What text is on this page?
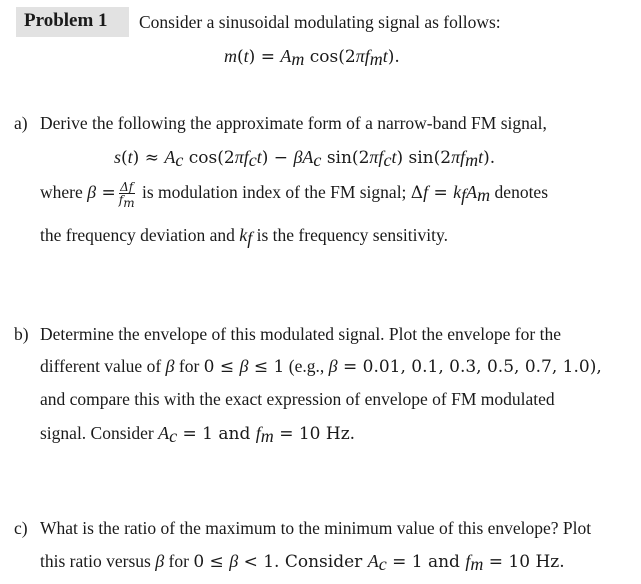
Problem 1 Consider a sinusoidal modulating signal as follows:
$m(t) = A_m$ $\cos(2\pi f_mt)$.
a) Derive the following the approximate form of a narrow-band FM signal,
$s(t) \approx A_c$ $\cos(2\pi f_ct) - \beta A_c$ $\sin(2\pi f_ct)$ $\sin(2\pi f_mt)$.
where $\beta = \frac{\Delta f}{f_m}$ is modulation index of the FM signal; $\Delta f = k_fA_m$ denotes
the frequency deviation and $k_f$ is the frequency sensitivity.
b) Determine the envelope of this modulated signal. Plot the envelope for the
different value of β for 0 ≤ β ≤ 1 (e.g., β = 0.01, 0.1, 0.3, 0.5, 0.7, 1.0),
and compare this with the exact expression of envelope of FM modulated
signal. Consider $A_c = 1$ and $f_m = 10$ Hz.
c) What is the ratio of the maximum to the minimum value of this envelope? Plot
this ratio versus β for 0 ≤ β < 1. Consider $A_c = 1$ and $f_m = 10$ Hz.
